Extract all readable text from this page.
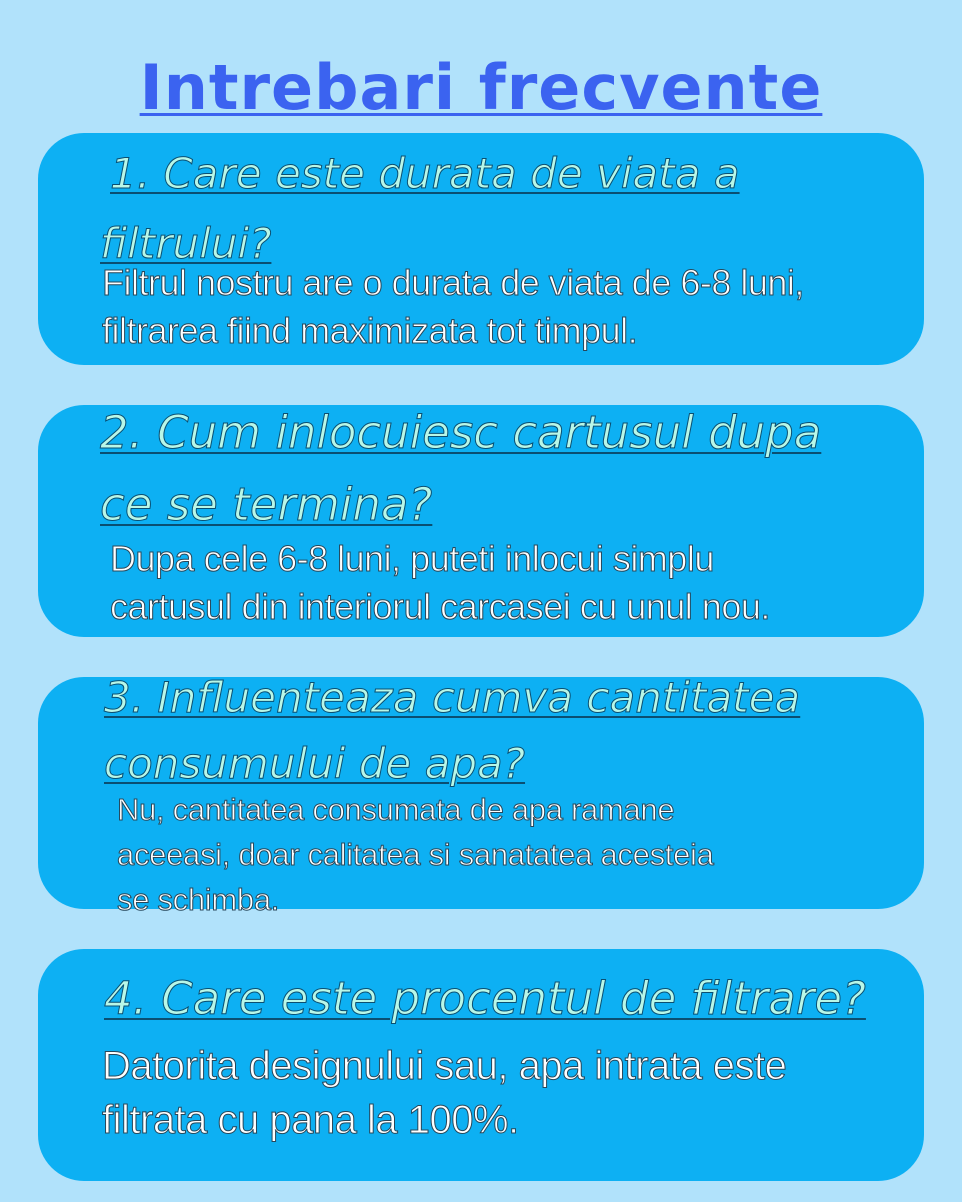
Intrebari frecvente
1. Care este durata de viata a
filtrului?

Filtrul nostru are o durata de viata de 6-8 luni,
filtrarea fiind maximizata tot timpul.

2. Cum inlocuiesc cartusul dupa
ce se termina?

Dupa cele 6-8 luni, puteti inlocui simplu
cartusul din interiorul carcasei cu unul nou.

3. Influenteaza cumva cantitatea
consumului de apa?

Nu, cantitatea consumata de apa ramane
aceeasi, doar calitatea si sanatatea acesteia
se schimba.

4. Care este procentul de filtrare?

Datorita designului sau, apa intrata este
filtrata cu pana la 100%.
